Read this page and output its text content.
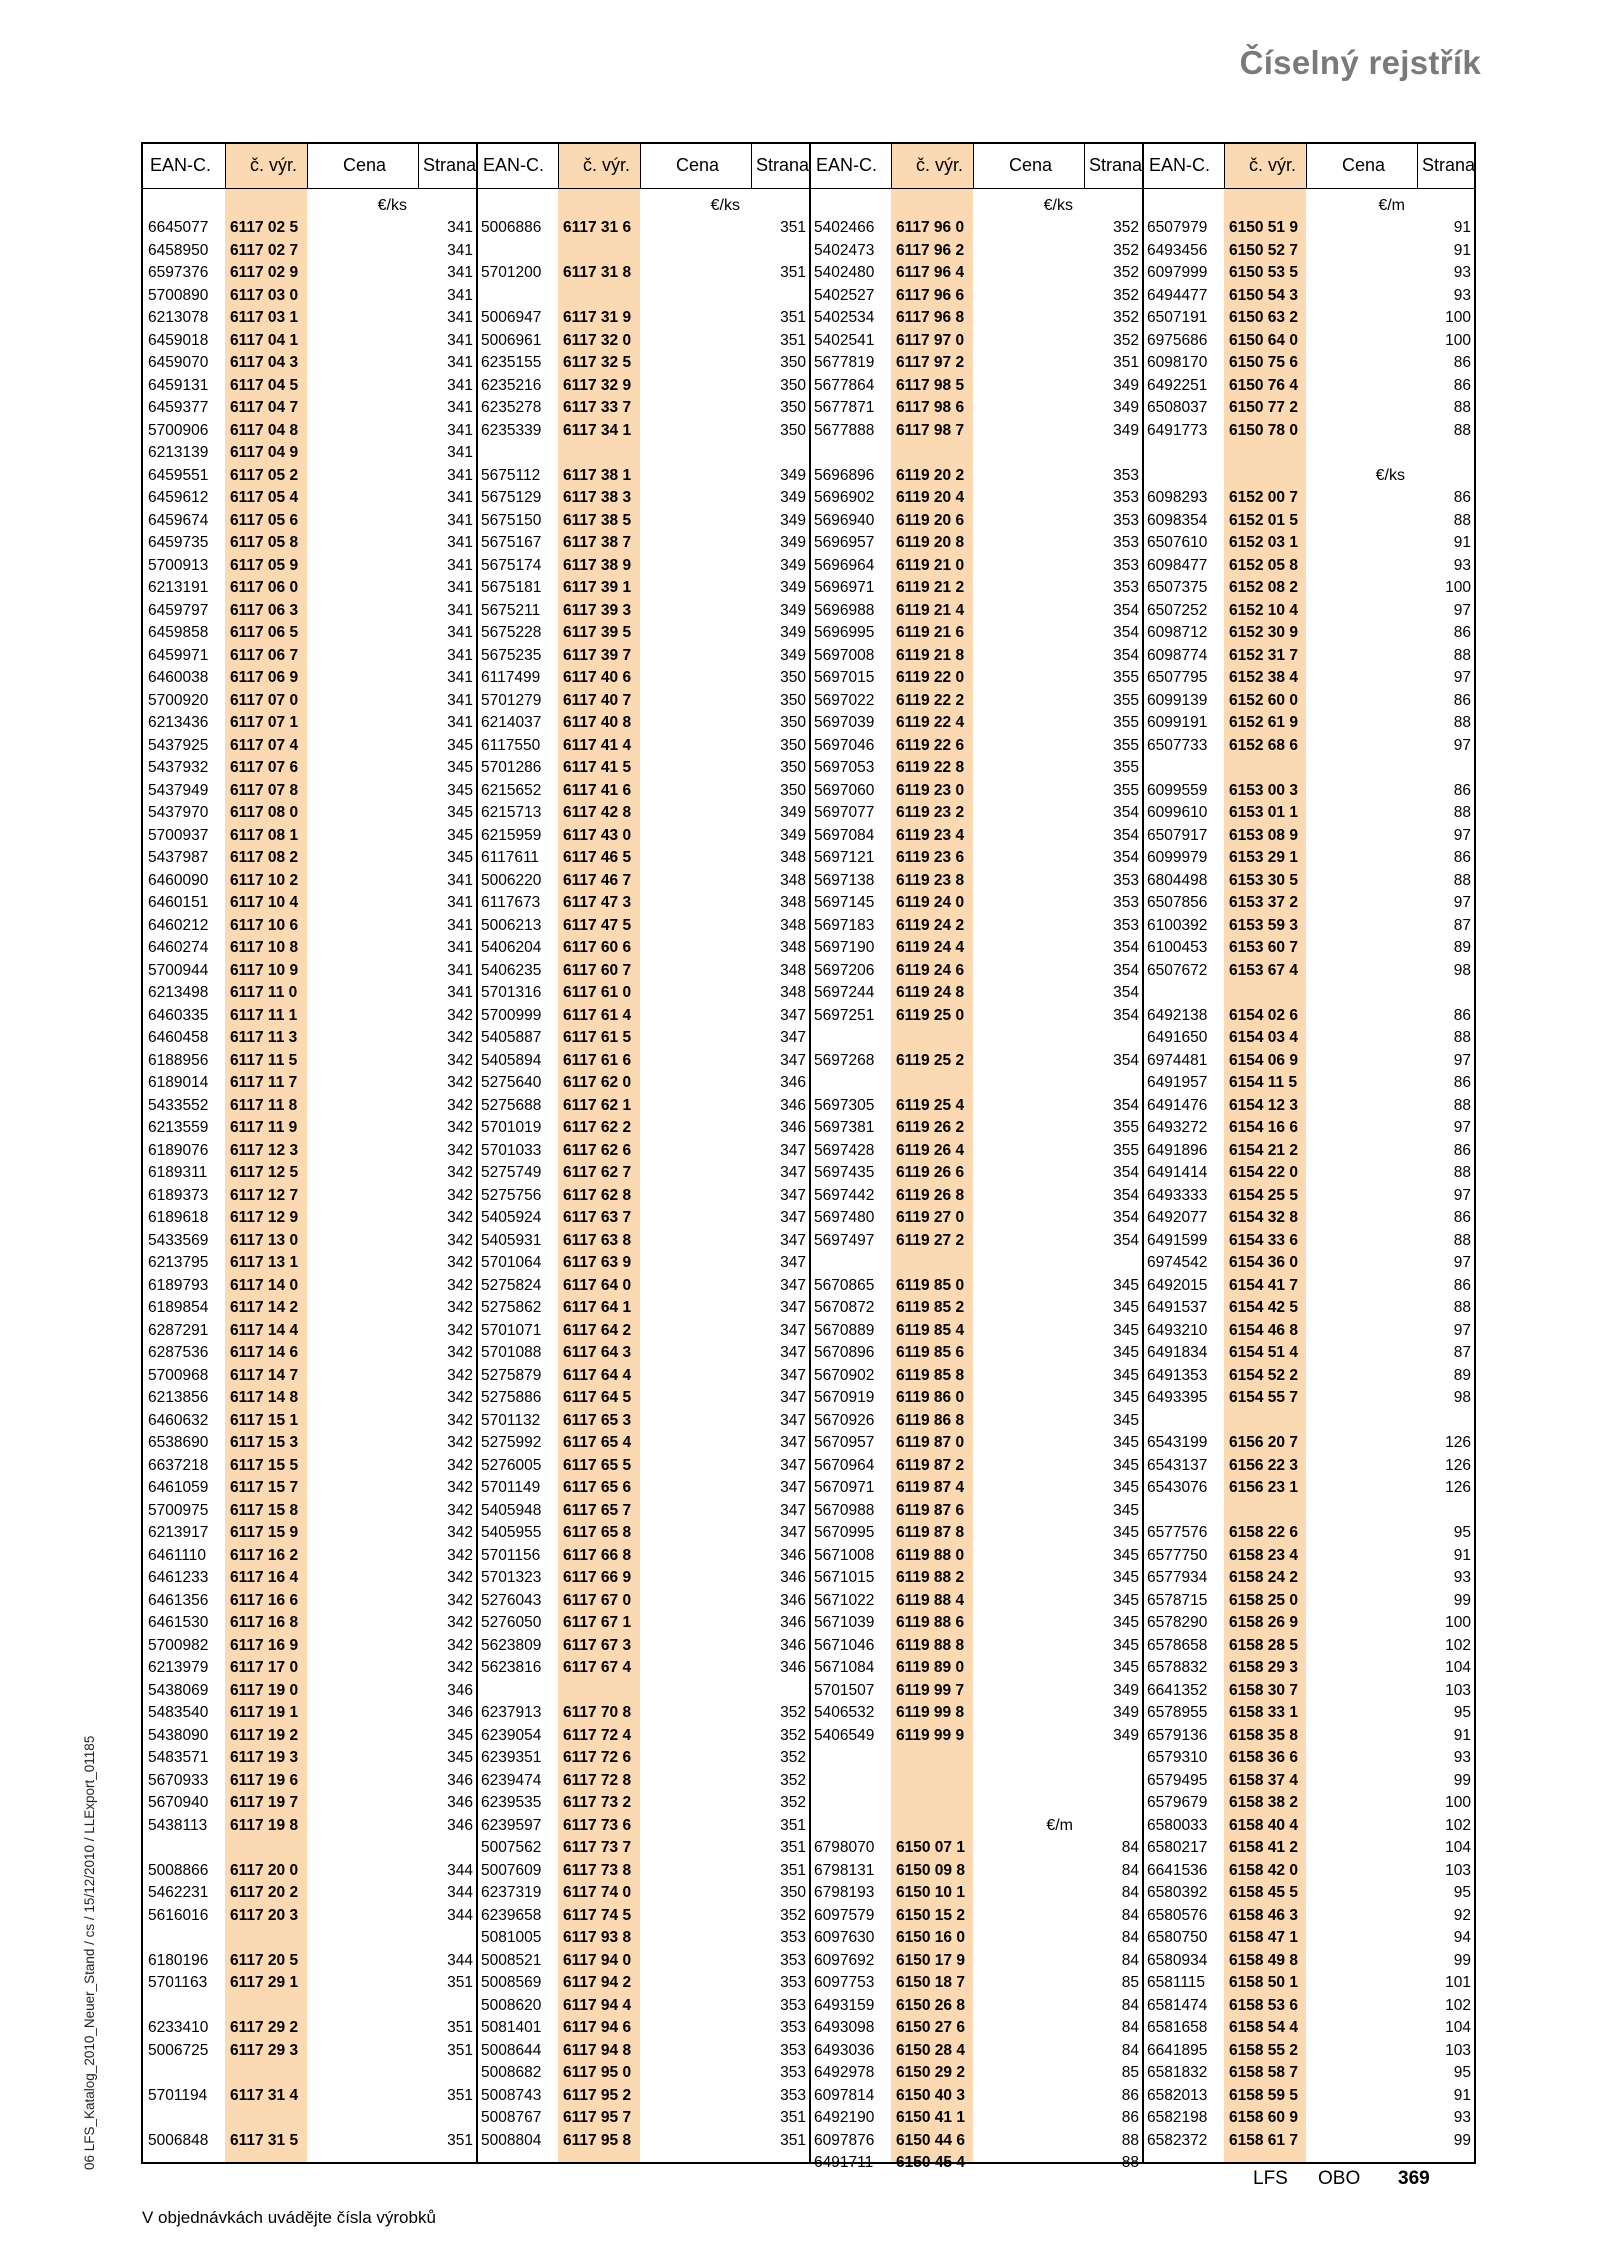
Číselný rejstřík
EAN-C. č. výr.	Cena Strana
€/ks
6645077 6117 02 5	341
6458950 6117 02 7	341
6597376 6117 02 9	341
5700890 6117 03 0	341
6213078 6117 03 1	341
6459018 6117 04 1	341
6459070 6117 04 3	341
6459131 6117 04 5	341
6459377 6117 04 7	341
5700906 6117 04 8	341
6213139 6117 04 9	341
6459551 6117 05 2	341
6459612 6117 05 4	341
6459674 6117 05 6	341
6459735 6117 05 8	341
5700913 6117 05 9	341
6213191 6117 06 0	341
6459797 6117 06 3	341
6459858 6117 06 5	341
6459971 6117 06 7	341
6460038 6117 06 9	341
5700920 6117 07 0	341
6213436 6117 07 1	341
5437925 6117 07 4	345
5437932 6117 07 6	345
5437949 6117 07 8	345
5437970 6117 08 0	345
5700937 6117 08 1	345
5437987 6117 08 2	345
6460090 6117 10 2	341
6460151 6117 10 4	341
6460212 6117 10 6	341
6460274 6117 10 8	341
5700944 6117 10 9	341
6213498 6117 11 0	341
6460335 6117 11 1	342
6460458 6117 11 3	342
6188956 6117 11 5	342
6189014 6117 11 7	342
5433552 6117 11 8	342
6213559 6117 11 9	342
6189076 6117 12 3	342
6189311 6117 12 5	342
6189373 6117 12 7	342
6189618 6117 12 9	342
5433569 6117 13 0	342
6213795 6117 13 1	342
6189793 6117 14 0	342
6189854 6117 14 2	342
6287291 6117 14 4	342
6287536 6117 14 6	342
5700968 6117 14 7	342
6213856 6117 14 8	342
6460632 6117 15 1	342
6538690 6117 15 3	342
6637218 6117 15 5	342
6461059 6117 15 7	342
5700975 6117 15 8	342
6213917 6117 15 9	342
6461110 6117 16 2	342
6461233 6117 16 4	342
6461356 6117 16 6	342
6461530 6117 16 8	342
5700982 6117 16 9	342
6213979 6117 17 0	342
5438069 6117 19 0	346
5483540 6117 19 1	346
5438090 6117 19 2	345
5483571 6117 19 3	345
5670933 6117 19 6	346
5670940 6117 19 7	346
5438113 6117 19 8	346
5008866 6117 20 0	344
5462231 6117 20 2	344
5616016 6117 20 3	344
6180196 6117 20 5	344
5701163 6117 29 1	351
6233410 6117 29 2	351
5006725 6117 29 3	351
5701194 6117 31 4	351
5006848 6117 31 5	351
EAN-C. č. výr.	Cena Strana
€/ks
5006886 6117 31 6	351
5701200 6117 31 8	351
5006947 6117 31 9	351
5006961 6117 32 0	351
6235155 6117 32 5	350
6235216 6117 32 9	350
6235278 6117 33 7	350
6235339 6117 34 1	350
5675112 6117 38 1	349
5675129 6117 38 3	349
5675150 6117 38 5	349
5675167 6117 38 7	349
5675174 6117 38 9	349
5675181 6117 39 1	349
5675211 6117 39 3	349
5675228 6117 39 5	349
5675235 6117 39 7	349
6117499 6117 40 6	350
5701279 6117 40 7	350
6214037 6117 40 8	350
6117550 6117 41 4	350
5701286 6117 41 5	350
6215652 6117 41 6	350
6215713 6117 42 8	349
6215959 6117 43 0	349
6117611 6117 46 5	348
5006220 6117 46 7	348
6117673 6117 47 3	348
5006213 6117 47 5	348
5406204 6117 60 6	348
5406235 6117 60 7	348
5701316 6117 61 0	348
5700999 6117 61 4	347
5405887 6117 61 5	347
5405894 6117 61 6	347
5275640 6117 62 0	346
5275688 6117 62 1	346
5701019 6117 62 2	346
5701033 6117 62 6	347
5275749 6117 62 7	347
5275756 6117 62 8	347
5405924 6117 63 7	347
5405931 6117 63 8	347
5701064 6117 63 9	347
5275824 6117 64 0	347
5275862 6117 64 1	347
5701071 6117 64 2	347
5701088 6117 64 3	347
5275879 6117 64 4	347
5275886 6117 64 5	347
5701132 6117 65 3	347
5275992 6117 65 4	347
5276005 6117 65 5	347
5701149 6117 65 6	347
5405948 6117 65 7	347
5405955 6117 65 8	347
5701156 6117 66 8	346
5701323 6117 66 9	346
5276043 6117 67 0	346
5276050 6117 67 1	346
5623809 6117 67 3	346
5623816 6117 67 4	346
6237913 6117 70 8	352
6239054 6117 72 4	352
6239351 6117 72 6	352
6239474 6117 72 8	352
6239535 6117 73 2	352
6239597 6117 73 6	351
5007562 6117 73 7	351
5007609 6117 73 8	351
6237319 6117 74 0	350
6239658 6117 74 5	352
5081005 6117 93 8	353
5008521 6117 94 0	353
5008569 6117 94 2	353
5008620 6117 94 4	353
5081401 6117 94 6	353
5008644 6117 94 8	353
5008682 6117 95 0	353
5008743 6117 95 2	353
5008767 6117 95 7	351
5008804 6117 95 8	351
EAN-C. č. výr.	Cena Strana
€/ks
€/m
5402466 6117 96 0	352
5402473 6117 96 2	352
5402480 6117 96 4	352
5402527 6117 96 6	352
5402534 6117 96 8	352
5402541 6117 97 0	352
5677819 6117 97 2	351
5677864 6117 98 5	349
5677871 6117 98 6	349
5677888 6117 98 7	349
5696896 6119 20 2	353
5696902 6119 20 4	353
5696940 6119 20 6	353
5696957 6119 20 8	353
5696964 6119 21 0	353
5696971 6119 21 2	353
5696988 6119 21 4	354
5696995 6119 21 6	354
5697008 6119 21 8	354
5697015 6119 22 0	355
5697022 6119 22 2	355
5697039 6119 22 4	355
5697046 6119 22 6	355
5697053 6119 22 8	355
5697060 6119 23 0	355
5697077 6119 23 2	354
5697084 6119 23 4	354
5697121 6119 23 6	354
5697138 6119 23 8	353
5697145 6119 24 0	353
5697183 6119 24 2	353
5697190 6119 24 4	354
5697206 6119 24 6	354
5697244 6119 24 8	354
5697251 6119 25 0	354
5697268 6119 25 2	354
5697305 6119 25 4	354
5697381 6119 26 2	355
5697428 6119 26 4	355
5697435 6119 26 6	354
5697442 6119 26 8	354
5697480 6119 27 0	354
5697497 6119 27 2	354
5670865 6119 85 0	345
5670872 6119 85 2	345
5670889 6119 85 4	345
5670896 6119 85 6	345
5670902 6119 85 8	345
5670919 6119 86 0	345
5670926 6119 86 8	345
5670957 6119 87 0	345
5670964 6119 87 2	345
5670971 6119 87 4	345
5670988 6119 87 6	345
5670995 6119 87 8	345
5671008 6119 88 0	345
5671015 6119 88 2	345
5671022 6119 88 4	345
5671039 6119 88 6	345
5671046 6119 88 8	345
5671084 6119 89 0	345
5701507 6119 99 7	349
5406532 6119 99 8	349
5406549 6119 99 9	349
6798070 6150 07 1	84
6798131 6150 09 8	84
6798193 6150 10 1	84
6097579 6150 15 2	84
6097630 6150 16 0	84
6097692 6150 17 9	84
6097753 6150 18 7	85
6493159 6150 26 8	84
6493098 6150 27 6	84
6493036 6150 28 4	84
6492978 6150 29 2	85
6097814 6150 40 3	86
6492190 6150 41 1	86
6097876 6150 44 6	88
6491711 6150 45 4	88
EAN-C. č. výr.	Cena Strana
€/m
€/ks
6507979 6150 51 9	91
6493456 6150 52 7	91
6097999 6150 53 5	93
6494477 6150 54 3	93
6507191 6150 63 2	100
6975686 6150 64 0	100
6098170 6150 75 6	86
6492251 6150 76 4	86
6508037 6150 77 2	88
6491773 6150 78 0	88
6098293 6152 00 7	86
6098354 6152 01 5	88
6507610 6152 03 1	91
6098477 6152 05 8	93
6507375 6152 08 2	100
6507252 6152 10 4	97
6098712 6152 30 9	86
6098774 6152 31 7	88
6507795 6152 38 4	97
6099139 6152 60 0	86
6099191 6152 61 9	88
6507733 6152 68 6	97
6099559 6153 00 3	86
6099610 6153 01 1	88
6507917 6153 08 9	97
6099979 6153 29 1	86
6804498 6153 30 5	88
6507856 6153 37 2	97
6100392 6153 59 3	87
6100453 6153 60 7	89
6507672 6153 67 4	98
6492138 6154 02 6	86
6491650 6154 03 4	88
6974481 6154 06 9	97
6491957 6154 11 5	86
6491476 6154 12 3	88
6493272 6154 16 6	97
6491896 6154 21 2	86
6491414 6154 22 0	88
6493333 6154 25 5	97
6492077 6154 32 8	86
6491599 6154 33 6	88
6974542 6154 36 0	97
6492015 6154 41 7	86
6491537 6154 42 5	88
6493210 6154 46 8	97
6491834 6154 51 4	87
6491353 6154 52 2	89
6493395 6154 55 7	98
6543199 6156 20 7	126
6543137 6156 22 3	126
6543076 6156 23 1	126
6577576 6158 22 6	95
6577750 6158 23 4	91
6577934 6158 24 2	93
6578715 6158 25 0	99
6578290 6158 26 9	100
6578658 6158 28 5	102
6578832 6158 29 3	104
6641352 6158 30 7	103
6578955 6158 33 1	95
6579136 6158 35 8	91
6579310 6158 36 6	93
6579495 6158 37 4	99
6579679 6158 38 2	100
6580033 6158 40 4	102
6580217 6158 41 2	104
6641536 6158 42 0	103
6580392 6158 45 5	95
6580576 6158 46 3	92
6580750 6158 47 1	94
6580934 6158 49 8	99
6581115 6158 50 1	101
6581474 6158 53 6	102
6581658 6158 54 4	104
6641895 6158 55 2	103
6581832 6158 58 7	95
6582013 6158 59 5	91
6582198 6158 60 9	93
6582372 6158 61 7	99
06 LFS_Katalog_2010_Neuer_Stand / cs / 15/12/2010 / LLExport_01185
V objednávkách uvádějte čísla výrobků
LFS OBO 369
